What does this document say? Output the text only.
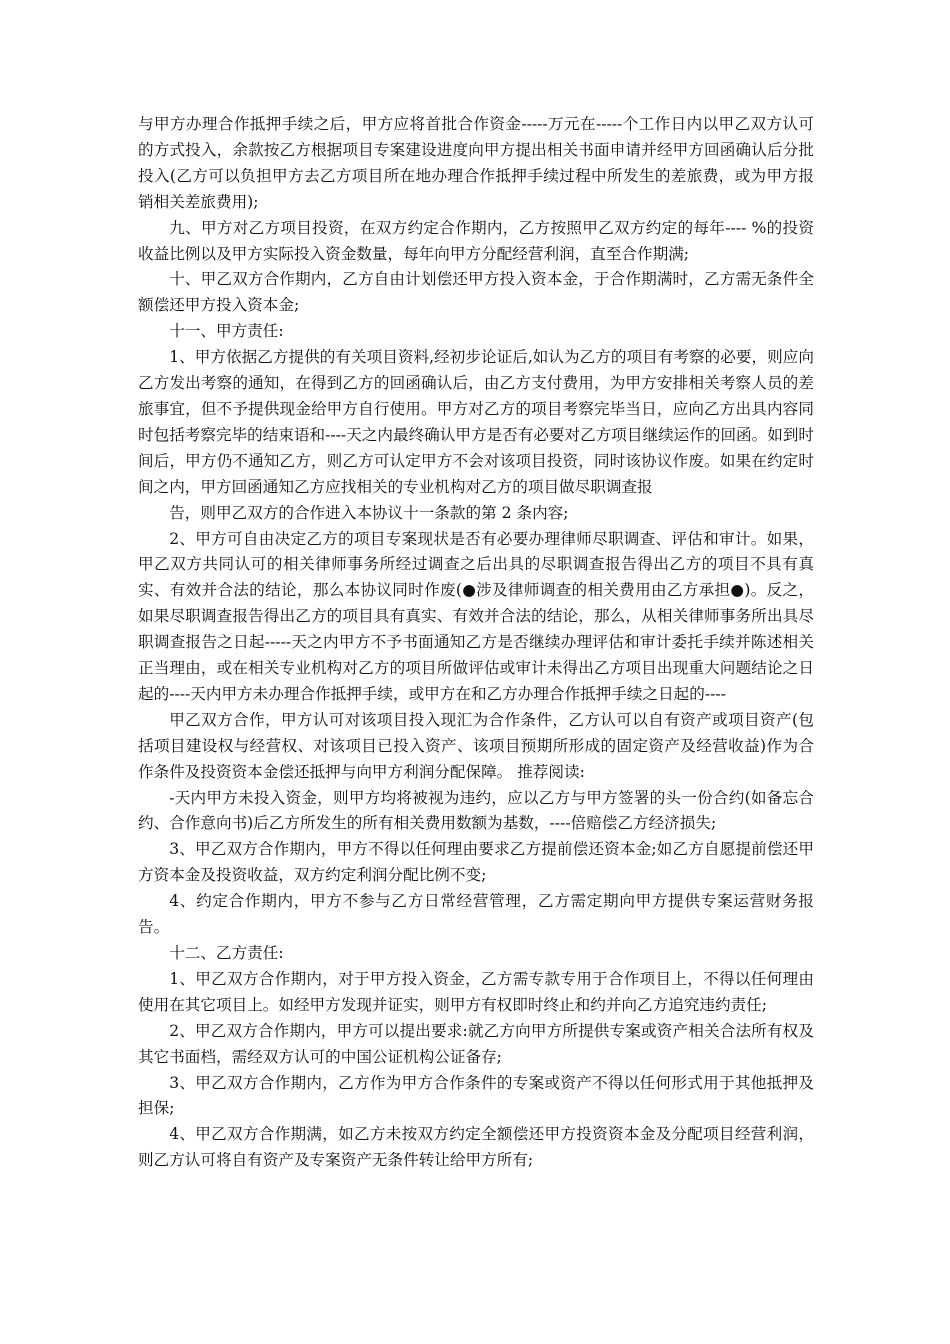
与甲方办理合作抵押手续之后，甲方应将首批合作资金-----万元在-----个工作日内以甲乙双方认可的方式投入，余款按乙方根据项目专案建设进度向甲方提出相关书面申请并经甲方回函确认后分批投入(乙方可以负担甲方去乙方项目所在地办理合作抵押手续过程中所发生的差旅费，或为甲方报销相关差旅费用);

九、甲方对乙方项目投资，在双方约定合作期内，乙方按照甲乙双方约定的每年---- %的投资收益比例以及甲方实际投入资金数量，每年向甲方分配经营利润，直至合作期满;

十、甲乙双方合作期内，乙方自由计划偿还甲方投入资本金，于合作期满时，乙方需无条件全额偿还甲方投入资本金;

十一、甲方责任:

1、甲方依据乙方提供的有关项目资料,经初步论证后,如认为乙方的项目有考察的必要，则应向乙方发出考察的通知，在得到乙方的回函确认后，由乙方支付费用，为甲方安排相关考察人员的差旅事宜，但不予提供现金给甲方自行使用。甲方对乙方的项目考察完毕当日，应向乙方出具内容同时包括考察完毕的结束语和----天之内最终确认甲方是否有必要对乙方项目继续运作的回函。如到时间后，甲方仍不通知乙方，则乙方可认定甲方不会对该项目投资，同时该协议作废。如果在约定时间之内，甲方回函通知乙方应找相关的专业机构对乙方的项目做尽职调查报

告，则甲乙双方的合作进入本协议十一条款的第 2 条内容;

2、甲方可自由决定乙方的项目专案现状是否有必要办理律师尽职调查、评估和审计。如果，甲乙双方共同认可的相关律师事务所经过调查之后出具的尽职调查报告得出乙方的项目不具有真实、有效并合法的结论，那么本协议同时作废(●涉及律师调查的相关费用由乙方承担●)。反之，如果尽职调查报告得出乙方的项目具有真实、有效并合法的结论，那么，从相关律师事务所出具尽职调查报告之日起-----天之内甲方不予书面通知乙方是否继续办理评估和审计委托手续并陈述相关正当理由，或在相关专业机构对乙方的项目所做评估或审计未得出乙方项目出现重大问题结论之日起的----天内甲方未办理合作抵押手续，或甲方在和乙方办理合作抵押手续之日起的----

甲乙双方合作，甲方认可对该项目投入现汇为合作条件，乙方认可以自有资产或项目资产(包括项目建设权与经营权、对该项目已投入资产、该项目预期所形成的固定资产及经营收益)作为合作条件及投资资本金偿还抵押与向甲方利润分配保障。 推荐阅读:

-天内甲方未投入资金，则甲方均将被视为违约，应以乙方与甲方签署的头一份合约(如备忘合约、合作意向书)后乙方所发生的所有相关费用数额为基数，----倍赔偿乙方经济损失;

3、甲乙双方合作期内，甲方不得以任何理由要求乙方提前偿还资本金;如乙方自愿提前偿还甲方资本金及投资收益，双方约定利润分配比例不变;

4、约定合作期内，甲方不参与乙方日常经营管理，乙方需定期向甲方提供专案运营财务报告。

十二、乙方责任:

1、甲乙双方合作期内，对于甲方投入资金，乙方需专款专用于合作项目上，不得以任何理由使用在其它项目上。如经甲方发现并证实，则甲方有权即时终止和约并向乙方追究违约责任;

2、甲乙双方合作期内，甲方可以提出要求:就乙方向甲方所提供专案或资产相关合法所有权及其它书面档，需经双方认可的中国公证机构公证备存;

3、甲乙双方合作期内，乙方作为甲方合作条件的专案或资产不得以任何形式用于其他抵押及担保;

4、甲乙双方合作期满，如乙方未按双方约定全额偿还甲方投资资本金及分配项目经营利润，则乙方认可将自有资产及专案资产无条件转让给甲方所有;
